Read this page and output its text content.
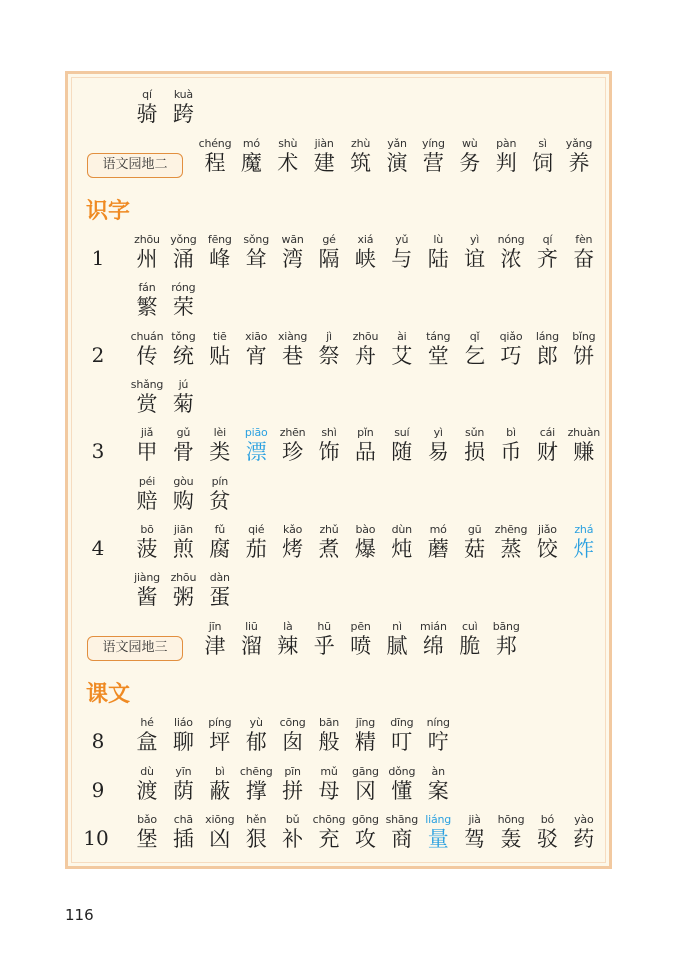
识字
课文
qí
骑
kuà
跨
语文园地二
chéng
程
mó
魔
shù
术
jiàn
建
zhù
筑
yǎn
演
yíng
营
wù
务
pàn
判
sì
饲
yǎng
养
1
zhōu
州
yǒng
涌
fēng
峰
sǒng
耸
wān
湾
gé
隔
xiá
峡
yǔ
与
lù
陆
yì
谊
nóng
浓
qí
齐
fèn
奋
fán
繁
róng
荣
2
chuán
传
tǒng
统
tiē
贴
xiāo
宵
xiàng
巷
jì
祭
zhōu
舟
ài
艾
táng
堂
qǐ
乞
qiǎo
巧
láng
郎
bǐng
饼
shǎng
赏
jú
菊
3
jiǎ
甲
gǔ
骨
lèi
类
piāo
漂
zhēn
珍
shì
饰
pǐn
品
suí
随
yì
易
sǔn
损
bì
币
cái
财
zhuàn
赚
péi
赔
gòu
购
pín
贫
4
bō
菠
jiān
煎
fǔ
腐
qié
茄
kǎo
烤
zhǔ
煮
bào
爆
dùn
炖
mó
蘑
gū
菇
zhēng
蒸
jiǎo
饺
zhá
炸
jiàng
酱
zhōu
粥
dàn
蛋
语文园地三
jīn
津
liū
溜
là
辣
hū
乎
pēn
喷
nì
腻
mián
绵
cuì
脆
bāng
邦
8
hé
盒
liáo
聊
píng
坪
yù
郁
cōng
囱
bān
般
jīng
精
dīng
叮
níng
咛
9
dù
渡
yīn
荫
bì
蔽
chēng
撑
pīn
拼
mǔ
母
gāng
冈
dǒng
懂
àn
案
10
bǎo
堡
chā
插
xiōng
凶
hěn
狠
bǔ
补
chōng
充
gōng
攻
shāng
商
liáng
量
jià
驾
hōng
轰
bó
驳
yào
药
116
